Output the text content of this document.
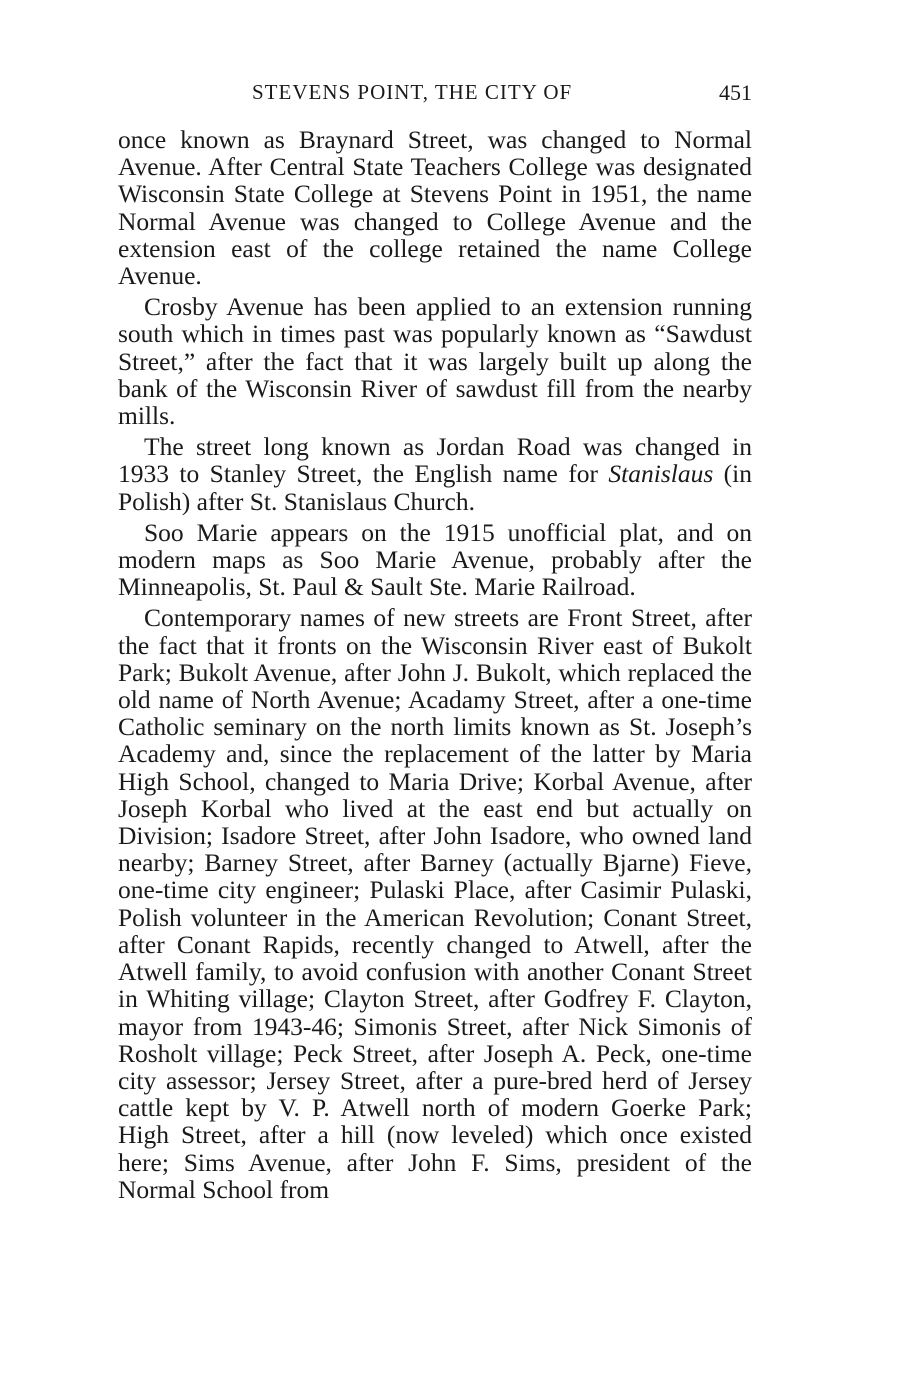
STEVENS POINT, THE CITY OF	451

once known as Braynard Street, was changed to Normal Avenue. After Central State Teachers College was designated Wisconsin State College at Stevens Point in 1951, the name Normal Avenue was changed to College Avenue and the extension east of the college retained the name College Avenue.

Crosby Avenue has been applied to an extension running south which in times past was popularly known as “Sawdust Street,” after the fact that it was largely built up along the bank of the Wisconsin River of sawdust fill from the nearby mills.

The street long known as Jordan Road was changed in 1933 to Stanley Street, the English name for Stanislaus (in Polish) after St. Stanislaus Church.

Soo Marie appears on the 1915 unofficial plat, and on modern maps as Soo Marie Avenue, probably after the Minneapolis, St. Paul & Sault Ste. Marie Railroad.

Contemporary names of new streets are Front Street, after the fact that it fronts on the Wisconsin River east of Bukolt Park; Bukolt Avenue, after John J. Bukolt, which replaced the old name of North Avenue; Acadamy Street, after a one-time Catholic seminary on the north limits known as St. Joseph’s Academy and, since the replacement of the latter by Maria High School, changed to Maria Drive; Korbal Avenue, after Joseph Korbal who lived at the east end but actually on Division; Isadore Street, after John Isadore, who owned land nearby; Barney Street, after Barney (actually Bjarne) Fieve, one-time city engineer; Pulaski Place, after Casimir Pulaski, Polish volunteer in the American Revolution; Conant Street, after Conant Rapids, recently changed to Atwell, after the Atwell family, to avoid confusion with another Conant Street in Whiting village; Clayton Street, after Godfrey F. Clayton, mayor from 1943-46; Simonis Street, after Nick Simonis of Rosholt village; Peck Street, after Joseph A. Peck, one-time city assessor; Jersey Street, after a pure-bred herd of Jersey cattle kept by V. P. Atwell north of modern Goerke Park; High Street, after a hill (now leveled) which once existed here; Sims Avenue, after John F. Sims, president of the Normal School from
